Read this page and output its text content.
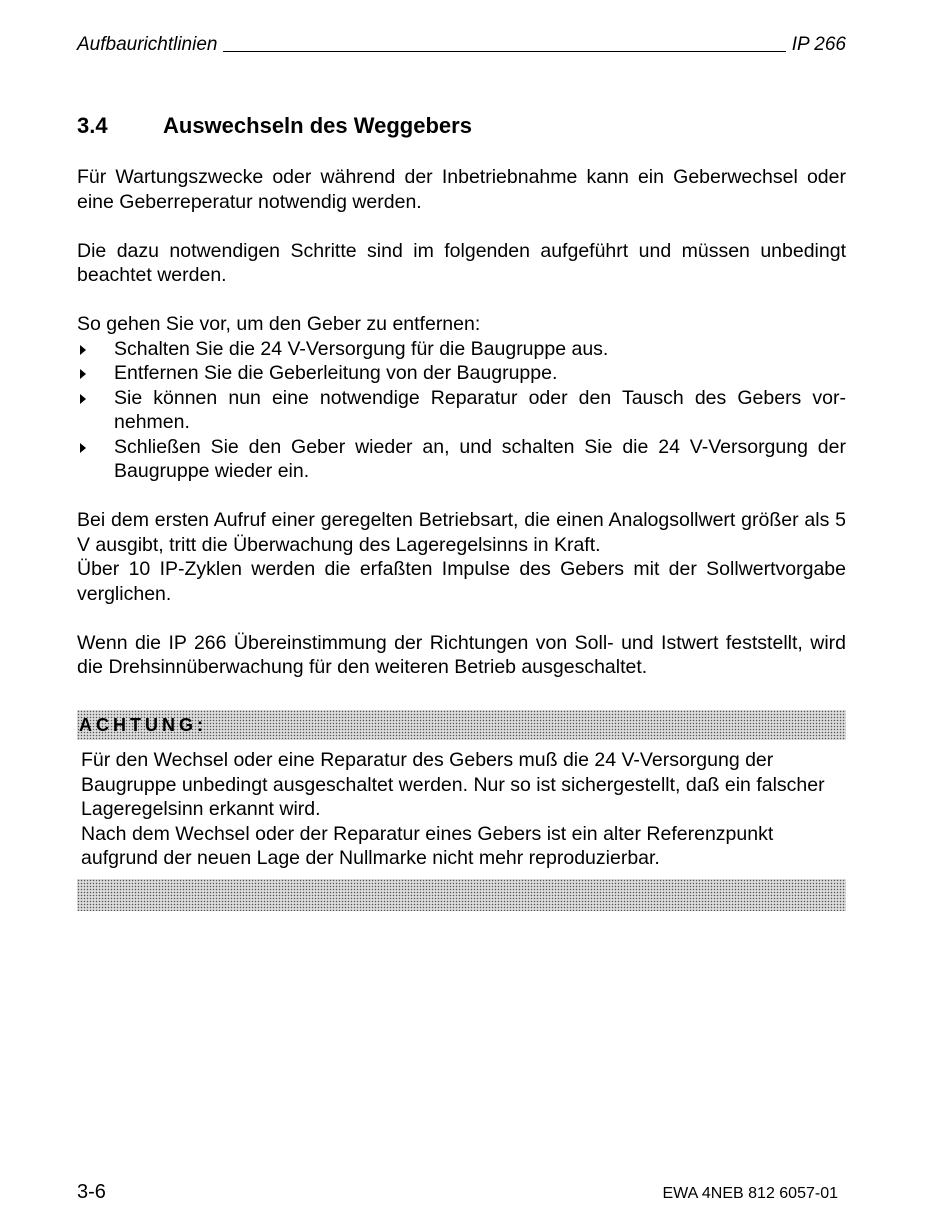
Aufbaurichtlinien	IP 266
3.4	Auswechseln des Weggebers

Für Wartungszwecke oder während der Inbetriebnahme kann ein Geberwechsel oder eine Geberreperatur notwendig werden.

Die dazu notwendigen Schritte sind im folgenden aufgeführt und müssen unbedingt beachtet werden.

So gehen Sie vor, um den Geber zu entfernen:

Schalten Sie die 24 V-Versorgung für die Baugruppe aus.
Entfernen Sie die Geberleitung von der Baugruppe.
Sie können nun eine notwendige Reparatur oder den Tausch des Gebers vornehmen.
Schließen Sie den Geber wieder an, und schalten Sie die 24 V-Versorgung der Baugruppe wieder ein.

Bei dem ersten Aufruf einer geregelten Betriebsart, die einen Analogsollwert größer als 5 V ausgibt, tritt die Überwachung des Lageregelsinns in Kraft.

Über 10 IP-Zyklen werden die erfaßten Impulse des Gebers mit der Sollwertvorgabe verglichen.

Wenn die IP 266 Übereinstimmung der Richtungen von Soll- und Istwert feststellt, wird die Drehsinnüberwachung für den weiteren Betrieb ausgeschaltet.

ACHTUNG:

Für den Wechsel oder eine Reparatur des Gebers muß die 24 V-Versorgung der Baugruppe unbedingt ausgeschaltet werden. Nur so ist sichergestellt, daß ein falscher Lageregelsinn erkannt wird.

Nach dem Wechsel oder der Reparatur eines Gebers ist ein alter Referenzpunkt aufgrund der neuen Lage der Nullmarke nicht mehr reproduzierbar.

3-6	EWA 4NEB 812 6057-01
